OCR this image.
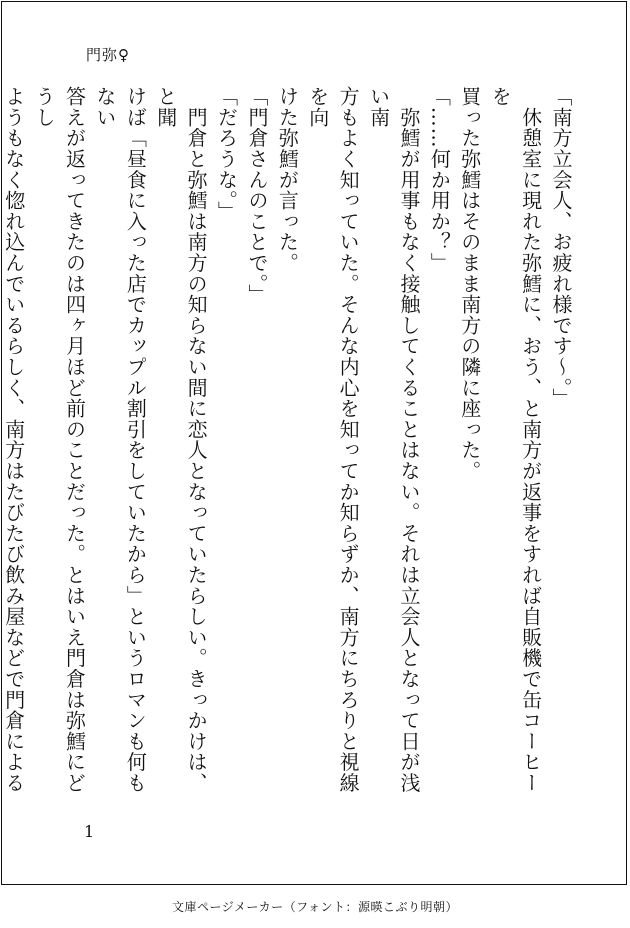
門弥♀

「南方立会人、お疲れ様です～。」

　休憩室に現れた弥鱈に、おう、と南方が返事をすれば自販機で缶コーヒーを

買った弥鱈はそのまま南方の隣に座った。

「……何か用か？」

　弥鱈が用事もなく接触してくることはない。それは立会人となって日が浅い南

方もよく知っていた。そんな内心を知ってか知らずか、南方にちろりと視線を向

けた弥鱈が言った。

「門倉さんのことで。」

「だろうな。」

　門倉と弥鱈は南方の知らない間に恋人となっていたらしい。きっかけは、と聞

けば「昼食に入った店でカップル割引をしていたから」というロマンも何もない

答えが返ってきたのは四ヶ月ほど前のことだった。とはいえ門倉は弥鱈にどうし

ようもなく惚れ込んでいるらしく、南方はたびたび飲み屋などで門倉による

1
文庫ページメーカー（フォント：源暎こぶり明朝）
